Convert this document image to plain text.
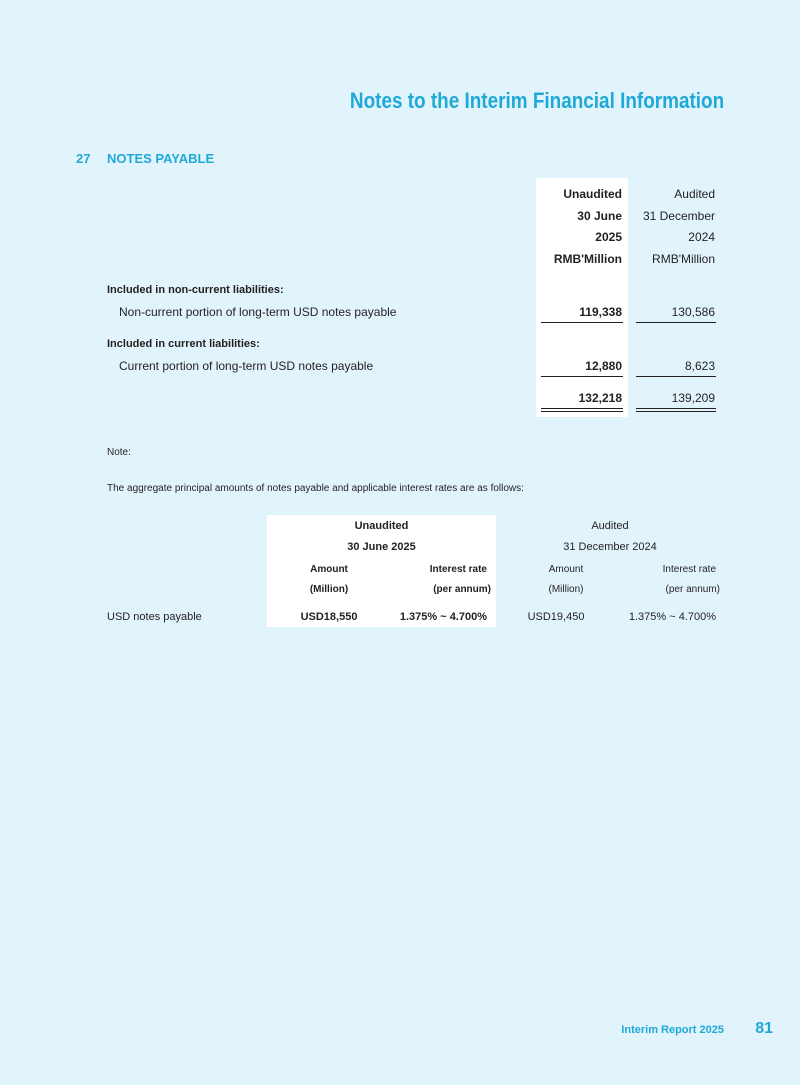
Notes to the Interim Financial Information
27 NOTES PAYABLE
Unaudited	Audited
30 June 31 December
2025	2024
RMB'Million	RMB'Million
Included in non-current liabilities:
Non-current portion of long-term USD notes payable	119,338	130,586
Included in current liabilities:
Current portion of long-term USD notes payable	12,880	8,623
132,218	139,209
Note:
The aggregate principal amounts of notes payable and applicable interest rates are as follows:
Unaudited	Audited
30 June 2025	31 December 2024
Amount	Interest rate	Amount	Interest rate
(Million)	(per annum)	(Million)	(per annum)
USD notes payable	USD18,550	1.375% ~ 4.700%	USD19,450	1.375% ~ 4.700%
Interim Report 2025 81
